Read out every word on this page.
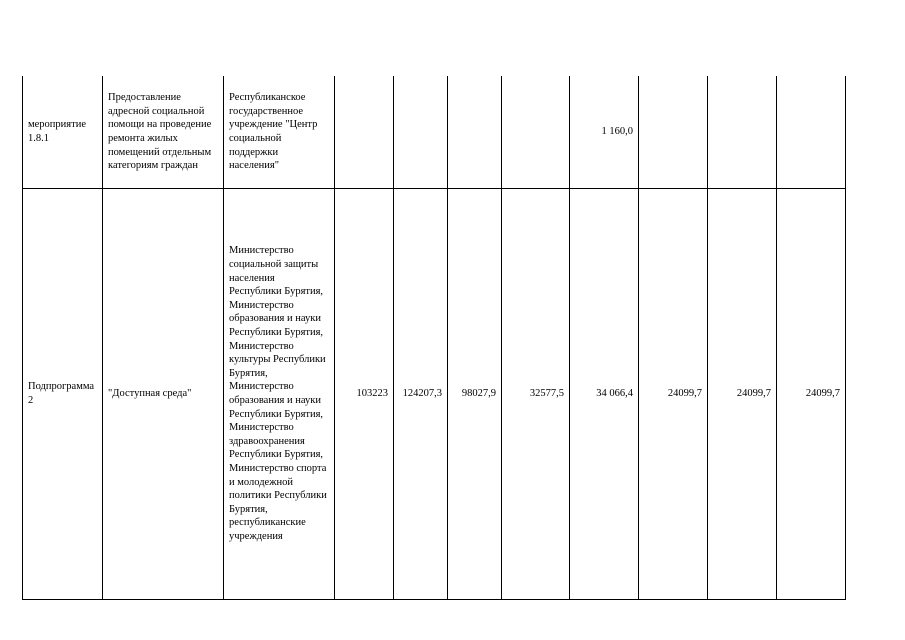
мероприятие 1.8.1	Предоставление адресной социальной помощи на проведение ремонта жилых помещений отдельным категориям граждан	Республиканское государственное учреждение "Центр социальной поддержки населения"					1 160,0			
Подпрограмма 2	"Доступная среда"	Министерство социальной защиты населения Республики Бурятия, Министерство образования и науки Республики Бурятия, Министерство культуры Республики Бурятия, Министерство образования и науки Республики Бурятия, Министерство здравоохранения Республики Бурятия, Министерство спорта и молодежной политики Республики Бурятия, республиканские учреждения	103223	124207,3	98027,9	32577,5	34 066,4	24099,7	24099,7	24099,7
